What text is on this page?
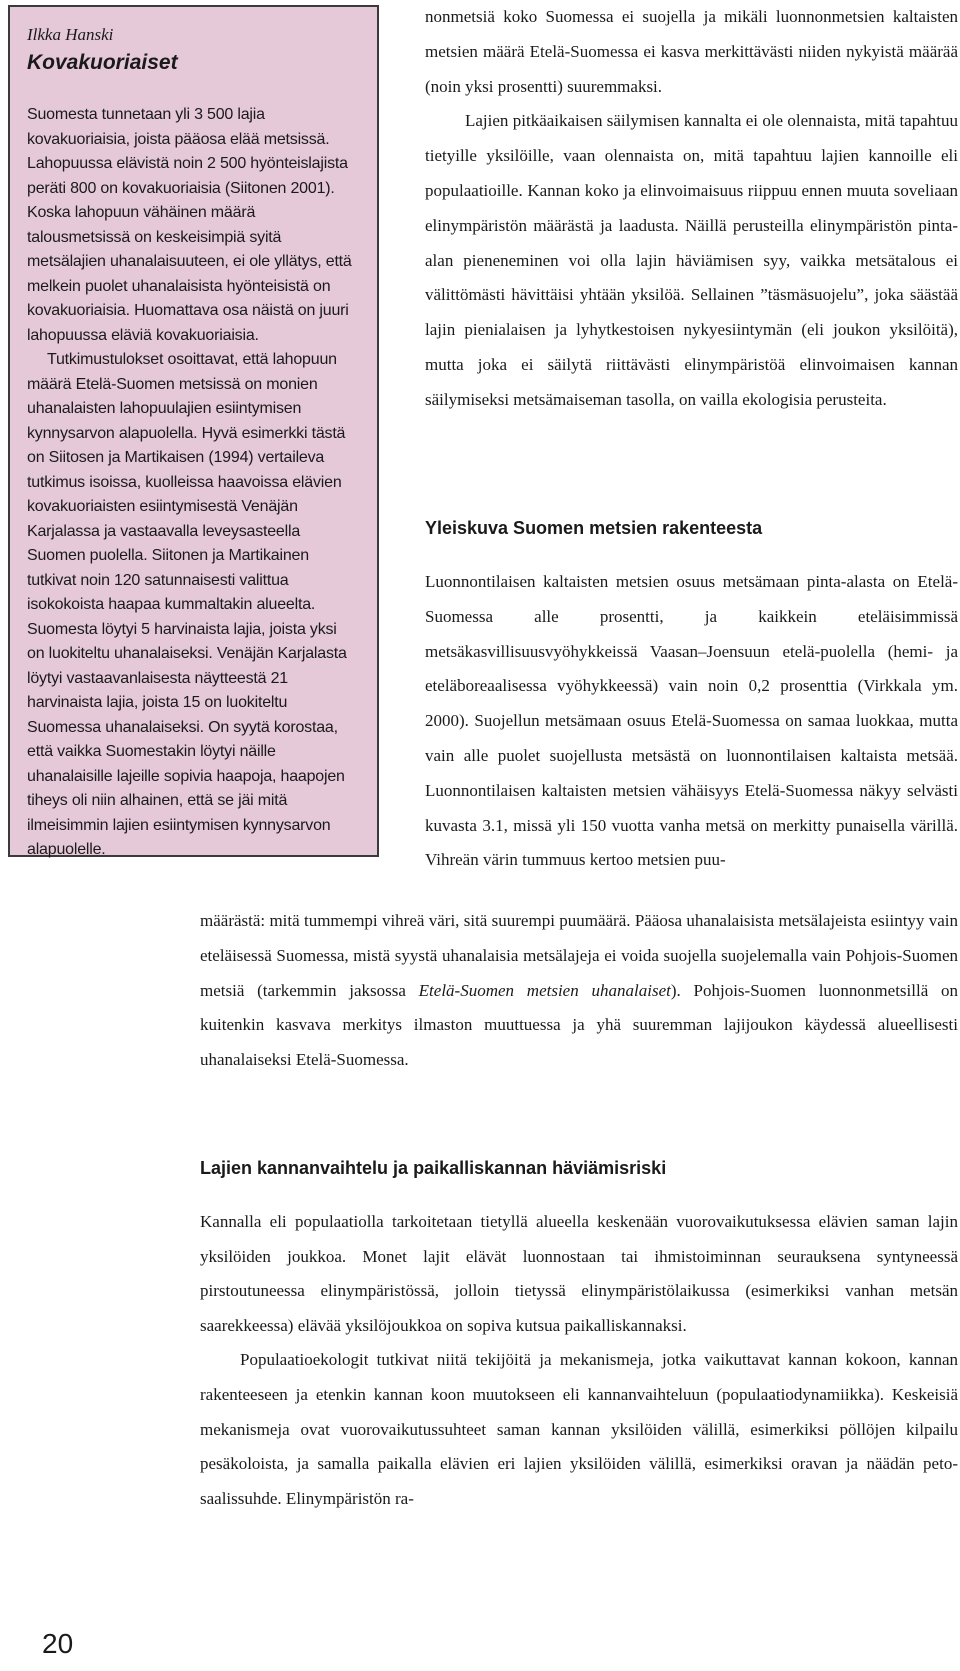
Ilkka Hanski

Kovakuoriaiset

Suomesta tunnetaan yli 3 500 lajia kovakuoriaisia, joista pääosa elää metsissä. Lahopuussa elävistä noin 2 500 hyönteislajista peräti 800 on kovakuoriaisia (Siitonen 2001). Koska lahopuun vähäinen määrä talousmetsissä on keskeisimpiä syitä metsälajien uhanalaisuuteen, ei ole yllätys, että melkein puolet uhanalaisista hyönteisistä on kovakuoriaisia. Huomattava osa näistä on juuri lahopuussa eläviä kovakuoriaisia.

Tutkimustulokset osoittavat, että lahopuun määrä Etelä-Suomen metsissä on monien uhanalaisten lahopuulajien esiintymisen kynnysarvon alapuolella. Hyvä esimerkki tästä on Siitosen ja Martikaisen (1994) vertaileva tutkimus isoissa, kuolleissa haavoissa elävien kovakuoriaisten esiintymisestä Venäjän Karjalassa ja vastaavalla leveysasteella Suomen puolella. Siitonen ja Martikainen tutkivat noin 120 satunnaisesti valittua isokokoista haapaa kummaltakin alueelta. Suomesta löytyi 5 harvinaista lajia, joista yksi on luokiteltu uhanalaiseksi. Venäjän Karjalasta löytyi vastaavanlaisesta näytteestä 21 harvinaista lajia, joista 15 on luokiteltu Suomessa uhanalaiseksi. On syytä korostaa, että vaikka Suomestakin löytyi näille uhanalaisille lajeille sopivia haapoja, haapojen tiheys oli niin alhainen, että se jäi mitä ilmeisimmin lajien esiintymisen kynnysarvon alapuolelle.

nonmetsiä koko Suomessa ei suojella ja mikäli luonnonmetsien kaltaisten metsien määrä Etelä-Suomessa ei kasva merkittävästi niiden nykyistä määrää (noin yksi prosentti) suuremmaksi.

Lajien pitkäaikaisen säilymisen kannalta ei ole olennaista, mitä tapahtuu tietyille yksilöille, vaan olennaista on, mitä tapahtuu lajien kannoille eli populaatioille. Kannan koko ja elinvoimaisuus riippuu ennen muuta soveliaan elinympäristön määrästä ja laadusta. Näillä perusteilla elinympäristön pinta-alan pieneneminen voi olla lajin häviämisen syy, vaikka metsätalous ei välittömästi hävittäisi yhtään yksilöä. Sellainen ”täsmäsuojelu”, joka säästää lajin pienialaisen ja lyhytkestoisen nykyesiintymän (eli joukon yksilöitä), mutta joka ei säilytä riittävästi elinympäristöä elinvoimaisen kannan säilymiseksi metsämaiseman tasolla, on vailla ekologisia perusteita.

Yleiskuva Suomen metsien rakenteesta

Luonnontilaisen kaltaisten metsien osuus metsämaan pinta-alasta on Etelä-Suomessa alle prosentti, ja kaikkein eteläisimmissä metsäkasvillisuusvyöhykkeissä Vaasan–Joensuun etelä-puolella (hemi- ja eteläboreaalisessa vyöhykkeessä) vain noin 0,2 prosenttia (Virkkala ym. 2000). Suojellun metsämaan osuus Etelä-Suomessa on samaa luokkaa, mutta vain alle puolet suojellusta metsästä on luonnontilaisen kaltaista metsää. Luonnontilaisen kaltaisten metsien vähäisyys Etelä-Suomessa näkyy selvästi kuvasta 3.1, missä yli 150 vuotta vanha metsä on merkitty punaisella värillä. Vihreän värin tummuus kertoo metsien puu-

määrästä: mitä tummempi vihreä väri, sitä suurempi puumäärä. Pääosa uhanalaisista metsälajeista esiintyy vain eteläisessä Suomessa, mistä syystä uhanalaisia metsälajeja ei voida suojella suojelemalla vain Pohjois-Suomen metsiä (tarkemmin jaksossa Etelä-Suomen metsien uhanalaiset). Pohjois-Suomen luonnonmetsillä on kuitenkin kasvava merkitys ilmaston muuttuessa ja yhä suuremman lajijoukon käydessä alueellisesti uhanalaiseksi Etelä-Suomessa.

Lajien kannanvaihtelu ja paikalliskannan häviämisriski

Kannalla eli populaatiolla tarkoitetaan tietyllä alueella keskenään vuorovaikutuksessa elävien saman lajin yksilöiden joukkoa. Monet lajit elävät luonnostaan tai ihmistoiminnan seurauksena syntyneessä pirstoutuneessa elinympäristössä, jolloin tietyssä elinympäristölaikussa (esimerkiksi vanhan metsän saarekkeessa) elävää yksilöjoukkoa on sopiva kutsua paikalliskannaksi.

Populaatioekologit tutkivat niitä tekijöitä ja mekanismeja, jotka vaikuttavat kannan kokoon, kannan rakenteeseen ja etenkin kannan koon muutokseen eli kannanvaihteluun (populaatiodynamiikka). Keskeisiä mekanismeja ovat vuorovaikutussuhteet saman kannan yksilöiden välillä, esimerkiksi pöllöjen kilpailu pesäkoloista, ja samalla paikalla elävien eri lajien yksilöiden välillä, esimerkiksi oravan ja näädän peto-saalissuhde. Elinympäristön ra-

20
